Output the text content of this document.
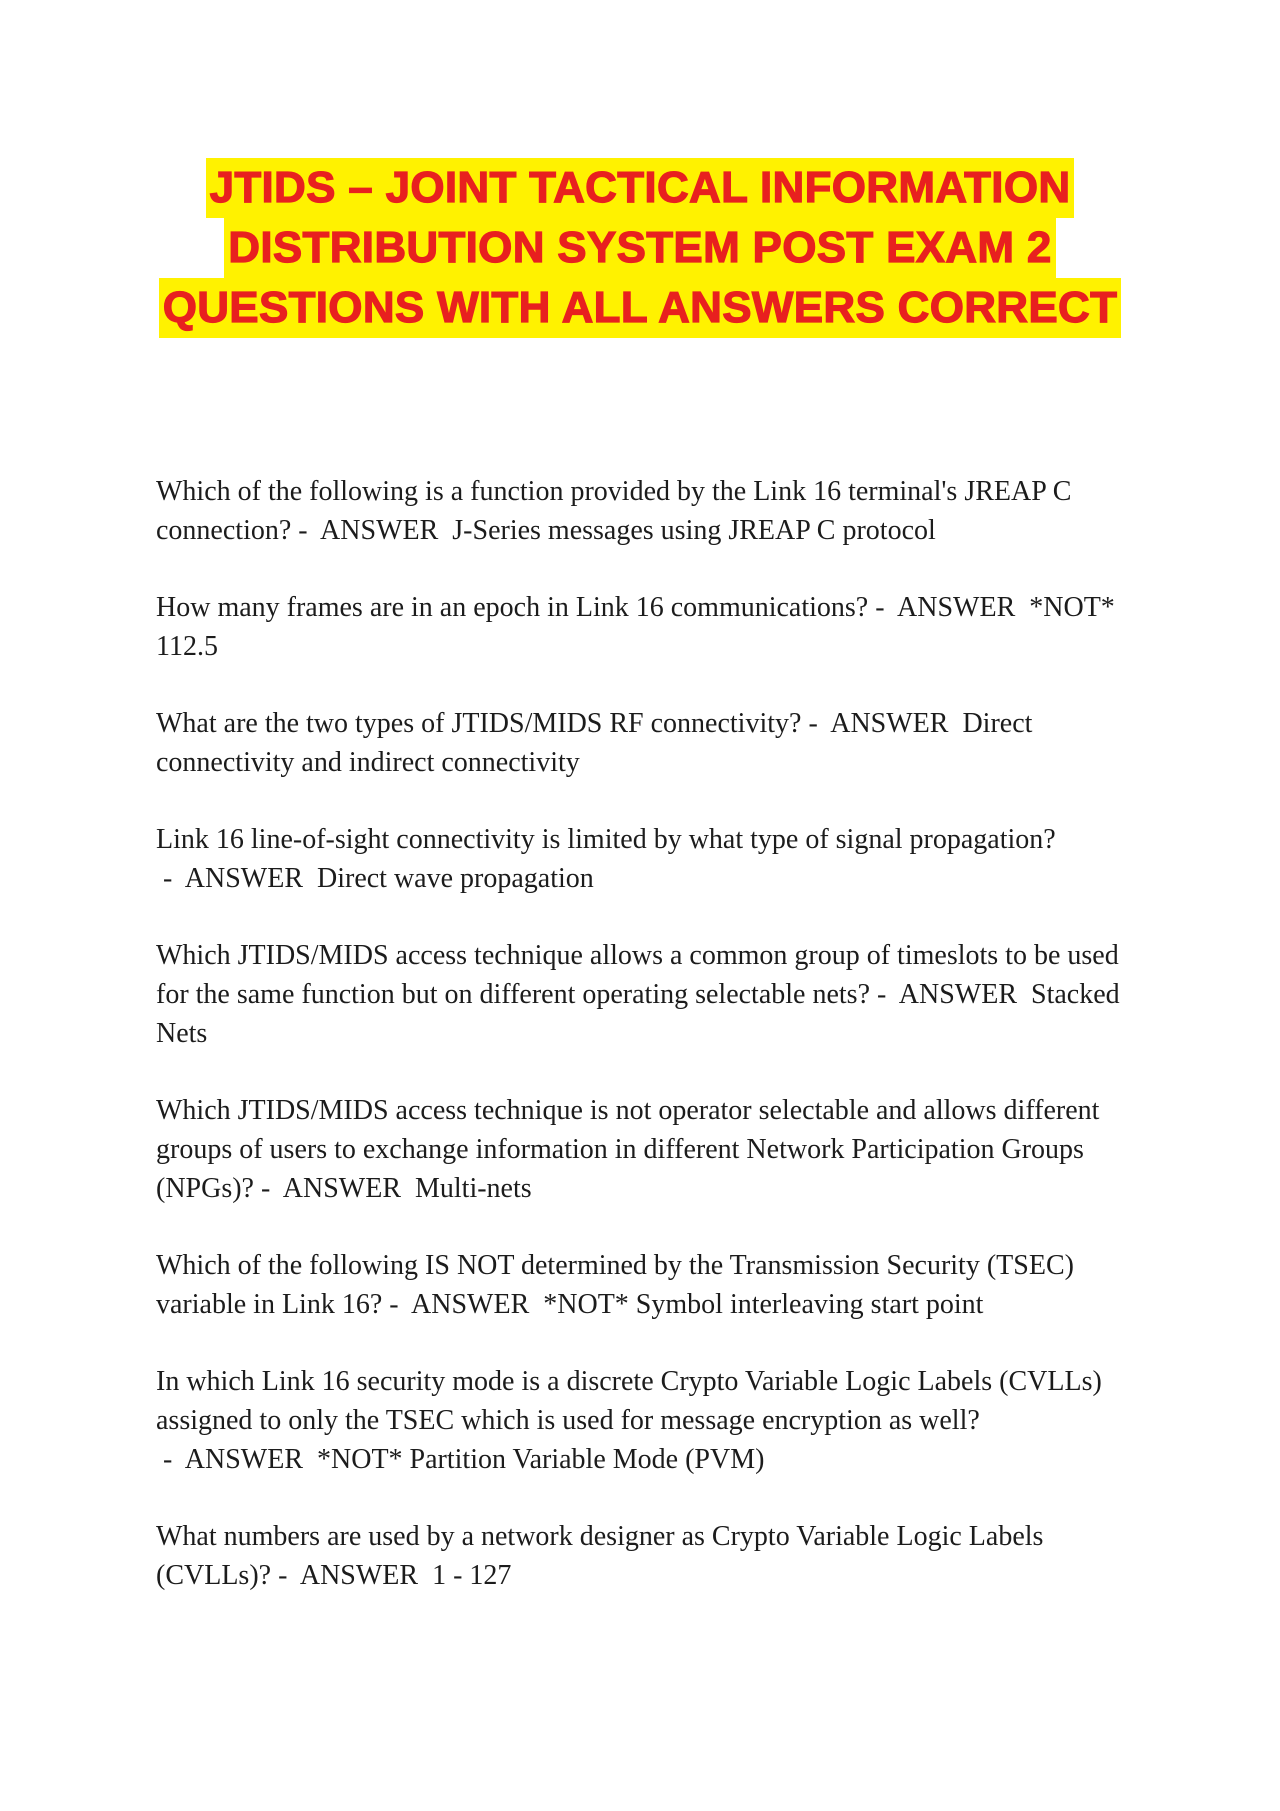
JTIDS – JOINT TACTICAL INFORMATION
DISTRIBUTION SYSTEM POST EXAM 2
QUESTIONS WITH ALL ANSWERS CORRECT

Which of the following is a function provided by the Link 16 terminal's JREAP C connection? -  ANSWER  J-Series messages using JREAP C protocol

How many frames are in an epoch in Link 16 communications? -  ANSWER  *NOT* 112.5

What are the two types of JTIDS/MIDS RF connectivity? -  ANSWER  Direct connectivity and indirect connectivity

Link 16 line-of-sight connectivity is limited by what type of signal propagation? -  ANSWER  Direct wave propagation

Which JTIDS/MIDS access technique allows a common group of timeslots to be used for the same function but on different operating selectable nets? -  ANSWER  Stacked Nets

Which JTIDS/MIDS access technique is not operator selectable and allows different groups of users to exchange information in different Network Participation Groups (NPGs)? -  ANSWER  Multi-nets

Which of the following IS NOT determined by the Transmission Security (TSEC) variable in Link 16? -  ANSWER  *NOT* Symbol interleaving start point

In which Link 16 security mode is a discrete Crypto Variable Logic Labels (CVLLs) assigned to only the TSEC which is used for message encryption as well? -  ANSWER  *NOT* Partition Variable Mode (PVM)

What numbers are used by a network designer as Crypto Variable Logic Labels (CVLLs)? -  ANSWER  1 - 127
